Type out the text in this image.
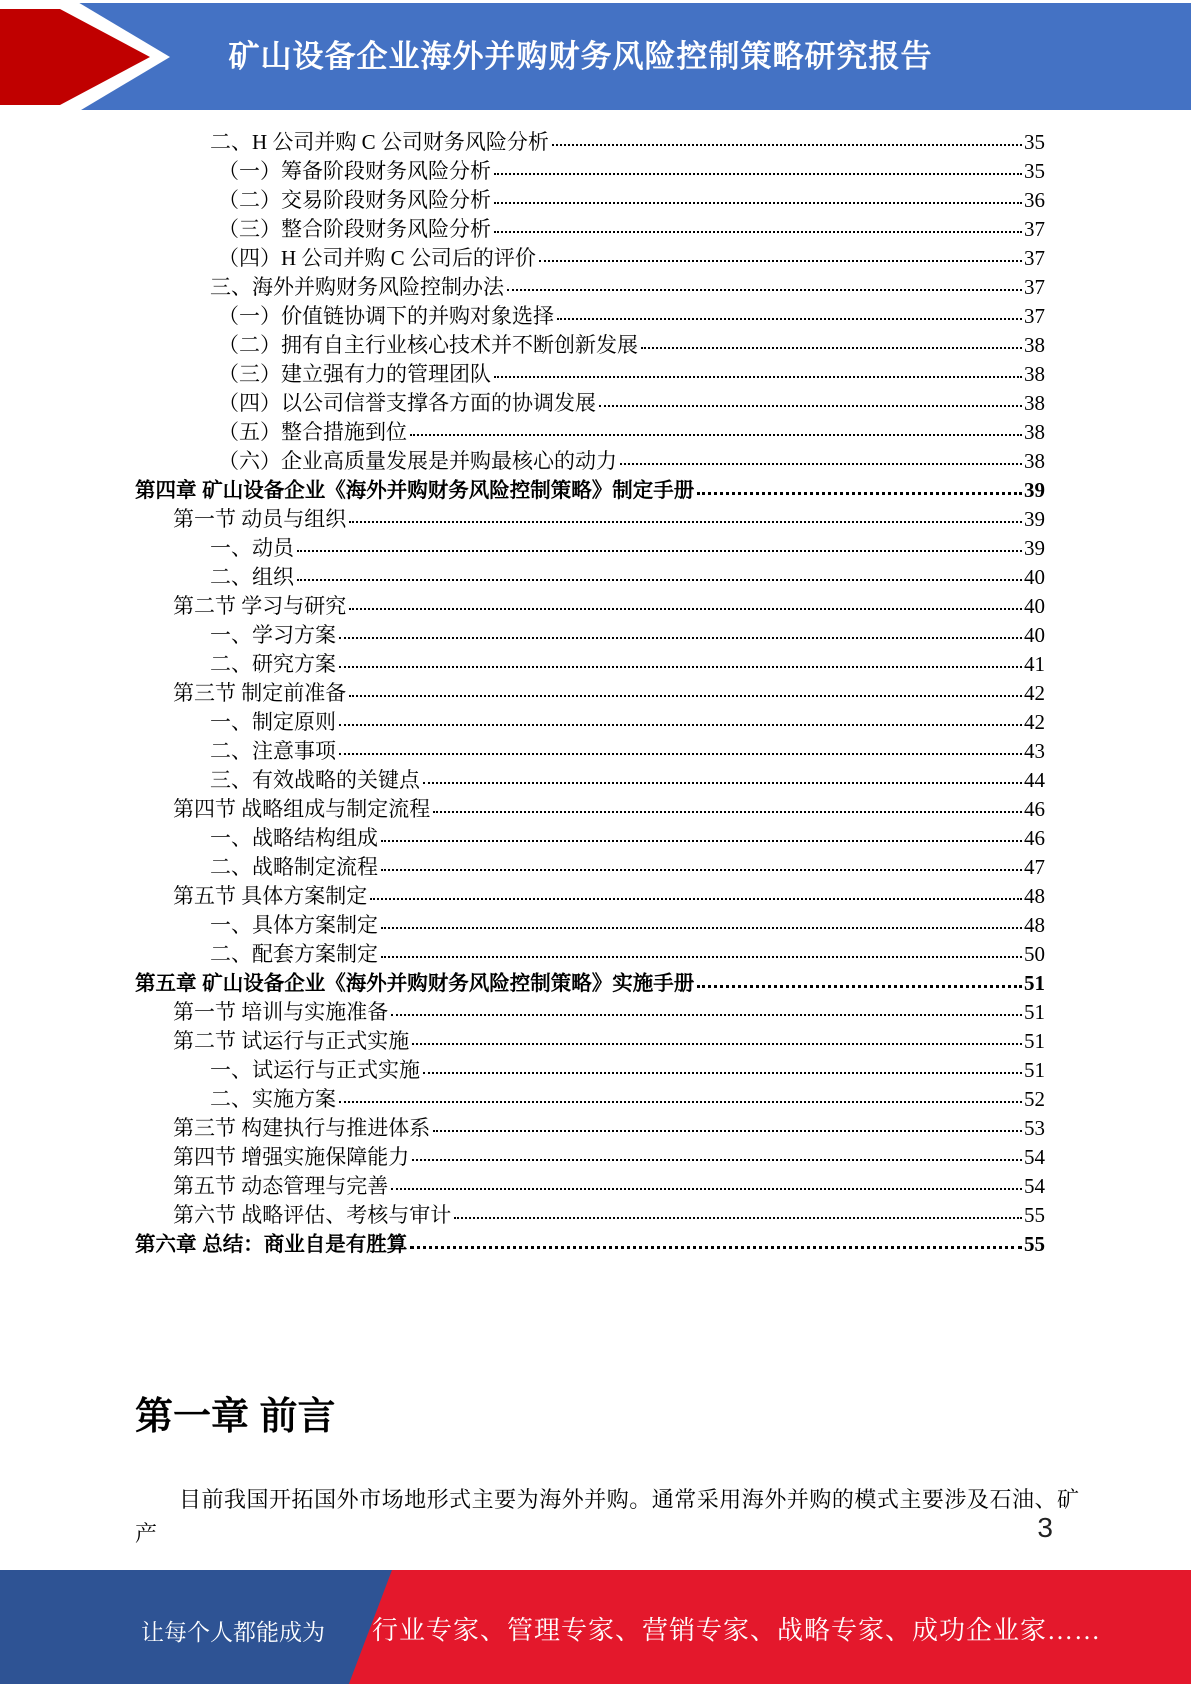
矿山设备企业海外并购财务风险控制策略研究报告
二、H 公司并购 C 公司财务风险分析	35
（一）筹备阶段财务风险分析	35
（二）交易阶段财务风险分析	36
（三）整合阶段财务风险分析	37
（四）H 公司并购 C 公司后的评价	37
三、海外并购财务风险控制办法	37
（一）价值链协调下的并购对象选择	37
（二）拥有自主行业核心技术并不断创新发展	38
（三）建立强有力的管理团队	38
（四）以公司信誉支撑各方面的协调发展	38
（五）整合措施到位	38
（六）企业高质量发展是并购最核心的动力	38
第四章 矿山设备企业《海外并购财务风险控制策略》制定手册	39
第一节 动员与组织	39
一、动员	39
二、组织	40
第二节 学习与研究	40
一、学习方案	40
二、研究方案	41
第三节 制定前准备	42
一、制定原则	42
二、注意事项	43
三、有效战略的关键点	44
第四节 战略组成与制定流程	46
一、战略结构组成	46
二、战略制定流程	47
第五节 具体方案制定	48
一、具体方案制定	48
二、配套方案制定	50
第五章 矿山设备企业《海外并购财务风险控制策略》实施手册	51
第一节 培训与实施准备	51
第二节 试运行与正式实施	51
一、试运行与正式实施	51
二、实施方案	52
第三节 构建执行与推进体系	53
第四节 增强实施保障能力	54
第五节 动态管理与完善	54
第六节 战略评估、考核与审计	55
第六章 总结：商业自是有胜算	55
第一章 前言

目前我国开拓国外市场地形式主要为海外并购。通常采用海外并购的模式主要涉及石油、矿产	3
让每个人都能成为 行业专家、管理专家、营销专家、战略专家、成功企业家……
